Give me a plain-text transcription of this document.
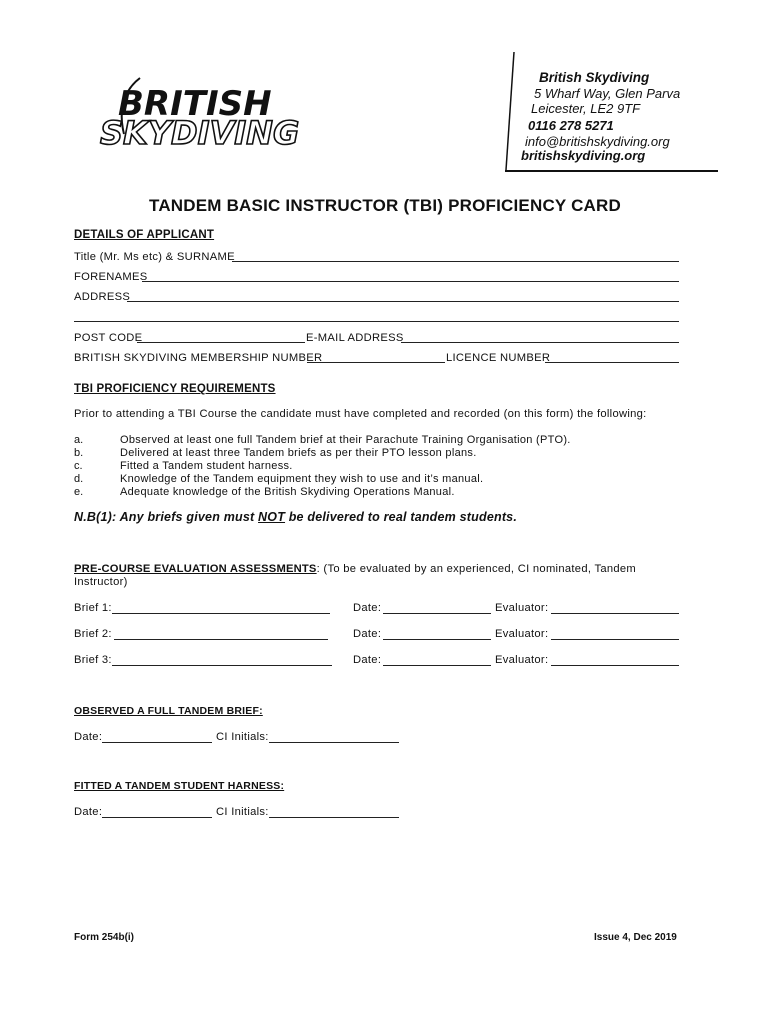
BRITISH
SKYDIVING
British Skydiving
5 Wharf Way, Glen Parva
Leicester, LE2 9TF
0116 278 5271
info@britishskydiving.org
britishskydiving.org
TANDEM BASIC INSTRUCTOR (TBI) PROFICIENCY CARD
DETAILS OF APPLICANT
Title (Mr. Ms etc) & SURNAME
FORENAMES
ADDRESS
POST CODE	E-MAIL ADDRESS
BRITISH SKYDIVING MEMBERSHIP NUMBER	LICENCE NUMBER
TBI PROFICIENCY REQUIREMENTS
Prior to attending a TBI Course the candidate must have completed and recorded (on this form) the following:
a.	Observed at least one full Tandem brief at their Parachute Training Organisation (PTO).
b.	Delivered at least three Tandem briefs as per their PTO lesson plans.
c.	Fitted a Tandem student harness.
d.	Knowledge of the Tandem equipment they wish to use and it’s manual.
e.	Adequate knowledge of the British Skydiving Operations Manual.
N.B(1): Any briefs given must NOT be delivered to real tandem students.
PRE-COURSE EVALUATION ASSESSMENTS: (To be evaluated by an experienced, CI nominated, Tandem
Instructor)
Brief 1:	Date:	Evaluator:
Brief 2:	Date:	Evaluator:
Brief 3:	Date:	Evaluator:
OBSERVED A FULL TANDEM BRIEF:
Date:	CI Initials:
FITTED A TANDEM STUDENT HARNESS:
Date:	CI Initials:
Form 254b(i)	Issue 4, Dec 2019
